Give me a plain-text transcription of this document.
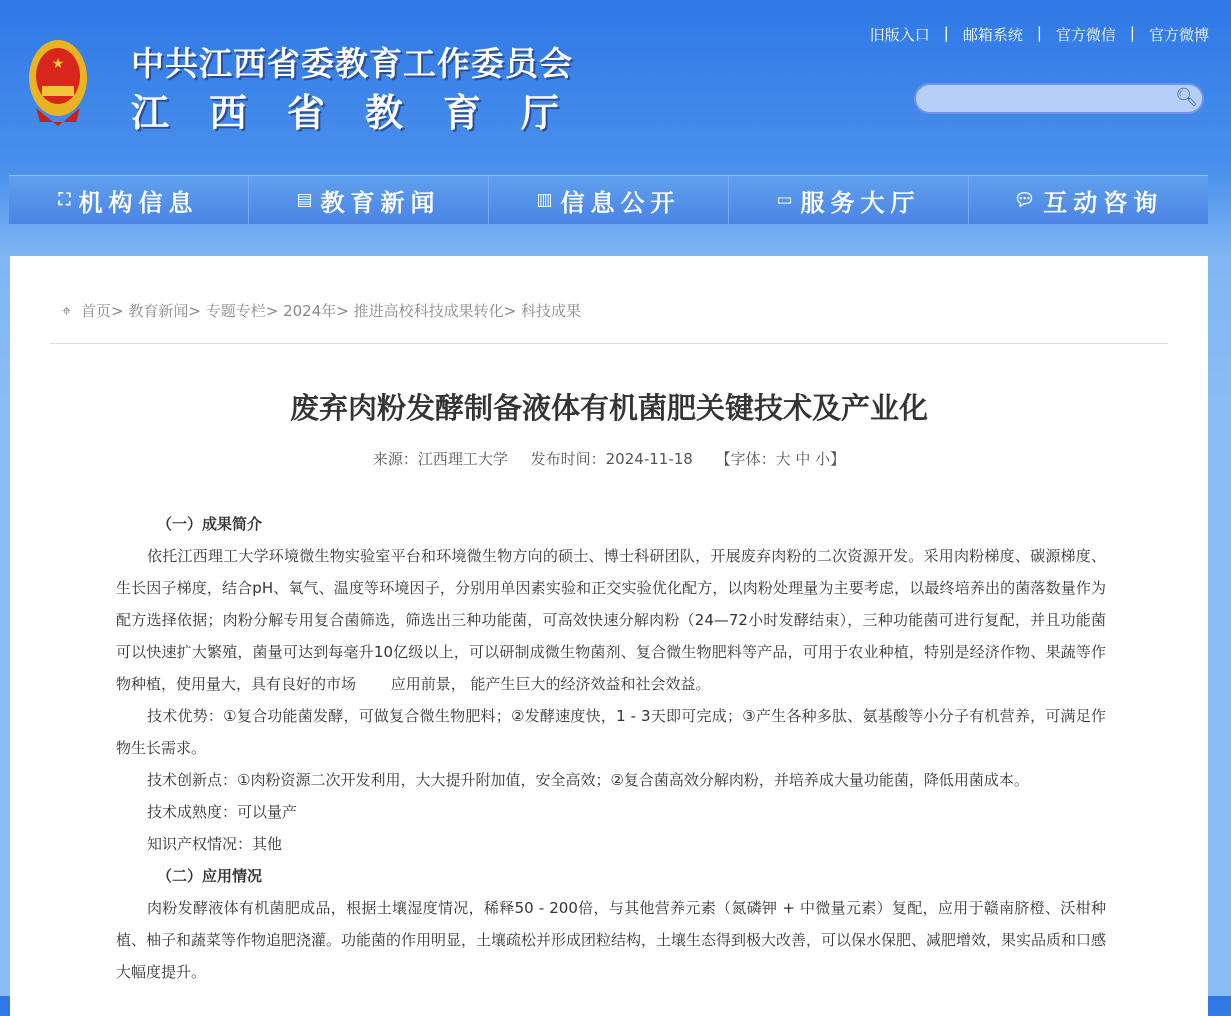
★ 中共江西省委教育工作委员会
江西省教育厅
旧版入口 | 邮箱系统 | 官方微信 | 官方微博
🔍︎
⛶ 机构信息	▤ 教育新闻	▥ 信息公开	▭ 服务大厅	💬︎ 互动咨询
⌖ 首页>
教育新闻>
专题专栏>
2024年>
推进高校科技成果转化>
科技成果
废弃肉粉发酵制备液体有机菌肥关键技术及产业化
来源：江西理工大学 发布时间：2024-11-18 【字体：大 中 小】

（一）成果简介

依托江西理工大学环境微生物实验室平台和环境微生物方向的硕士、博士科研团队，开展废弃肉粉的二次资源开发。采用肉粉梯度、碳源梯度、生长因子梯度，结合pH、氧气、温度等环境因子，分别用单因素实验和正交实验优化配方，以肉粉处理量为主要考虑，以最终培养出的菌落数量作为配方选择依据；肉粉分解专用复合菌筛选，筛选出三种功能菌，可高效快速分解肉粉（24—72小时发酵结束），三种功能菌可进行复配，并且功能菌可以快速扩大繁殖，菌量可达到每毫升10亿级以上，可以研制成微生物菌剂、复合微生物肥料等产品，可用于农业种植，特别是经济作物、果蔬等作物种植，使用量大，具有良好的市场　　 应用前景， 能产生巨大的经济效益和社会效益。

技术优势：①复合功能菌发酵，可做复合微生物肥料；②发酵速度快，1 - 3天即可完成；③产生各种多肽、氨基酸等小分子有机营养，可满足作物生长需求。

技术创新点：①肉粉资源二次开发利用，大大提升附加值，安全高效；②复合菌高效分解肉粉，并培养成大量功能菌，降低用菌成本。

技术成熟度：可以量产

知识产权情况：其他

（二）应用情况

肉粉发酵液体有机菌肥成品，根据土壤湿度情况，稀释50 - 200倍，与其他营养元素（氮磷钾 + 中微量元素）复配，应用于赣南脐橙、沃柑种植、柚子和蔬菜等作物追肥浇灌。功能菌的作用明显，土壤疏松并形成团粒结构，土壤生态得到极大改善，可以保水保肥、减肥增效，果实品质和口感大幅度提升。
